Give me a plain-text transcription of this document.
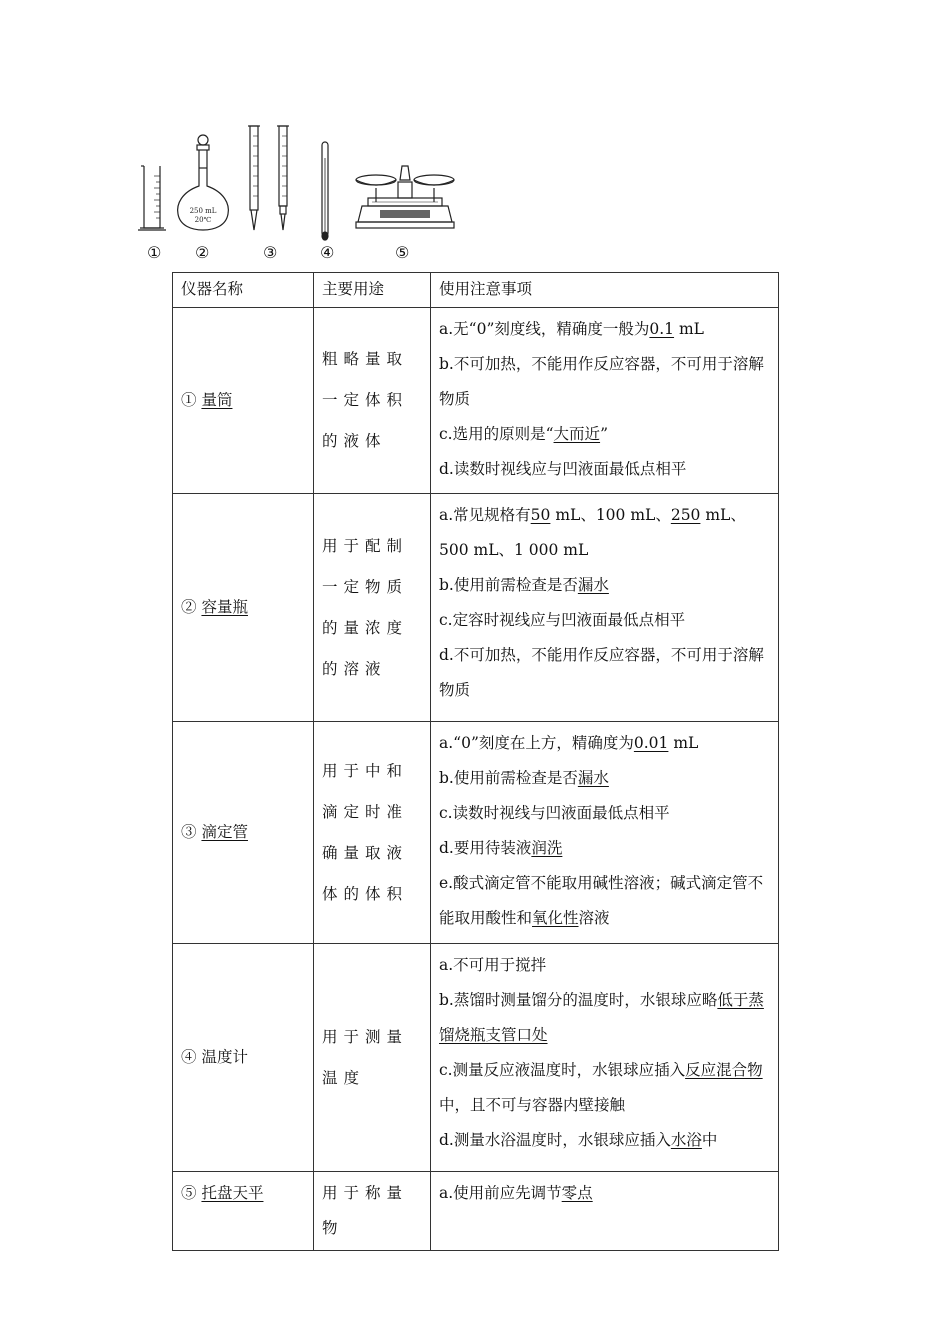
250 mL
20℃
① ②	③	④	⑤
仪器名称	主要用途	使用注意事项
① 量筒	粗略量取一定体积的液体	a.无“0”刻度线，精确度一般为0.1 mL
b.不可加热，不能用作反应容器，不可用于溶解物质
c.选用的原则是“大而近”
d.读数时视线应与凹液面最低点相平

② 容量瓶	用于配制一定物质的量浓度的溶液	a.常见规格有50 mL、100 mL、250 mL、500 mL、1 000 mL
b.使用前需检查是否漏水
c.定容时视线应与凹液面最低点相平
d.不可加热，不能用作反应容器，不可用于溶解物质

③ 滴定管	用于中和滴定时准确量取液体的体积	a.“0”刻度在上方，精确度为0.01 mL
b.使用前需检查是否漏水
c.读数时视线与凹液面最低点相平
d.要用待装液润洗
e.酸式滴定管不能取用碱性溶液；碱式滴定管不能取用酸性和氧化性溶液

④ 温度计	用于测量温度	a.不可用于搅拌
b.蒸馏时测量馏分的温度时，水银球应略低于蒸馏烧瓶支管口处
c.测量反应液温度时，水银球应插入反应混合物中，且不可与容器内壁接触
d.测量水浴温度时，水银球应插入水浴中

⑤ 托盘天平	用于称量物	a.使用前应先调节零点
